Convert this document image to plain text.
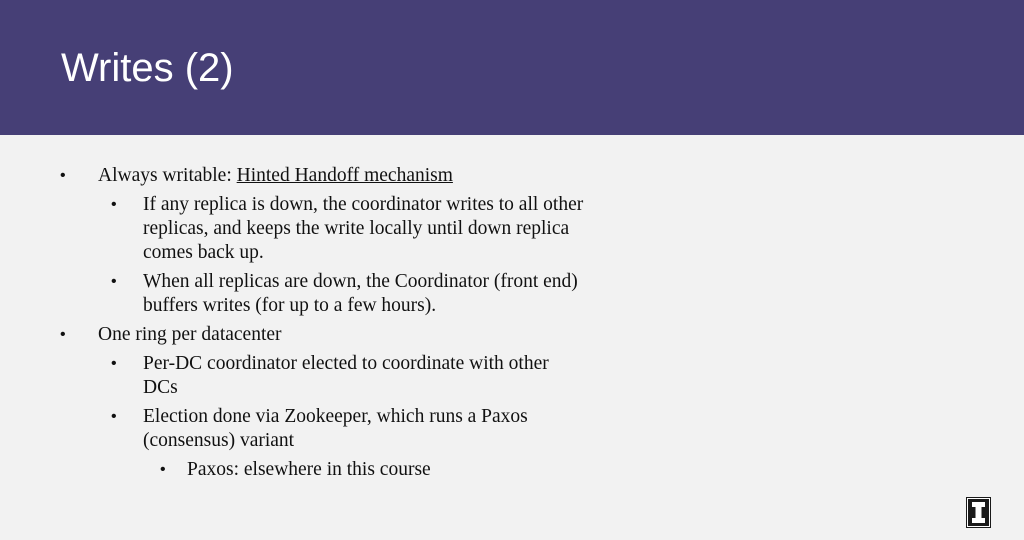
Writes (2)
• Always writable: Hinted Handoff mechanism
• If any replica is down, the coordinator writes to all other
replicas, and keeps the write locally until down replica
comes back up.
• When all replicas are down, the Coordinator (front end)
buffers writes (for up to a few hours).
• One ring per datacenter
• Per-DC coordinator elected to coordinate with other
DCs
• Election done via Zookeeper, which runs a Paxos
(consensus) variant
• Paxos: elsewhere in this course
